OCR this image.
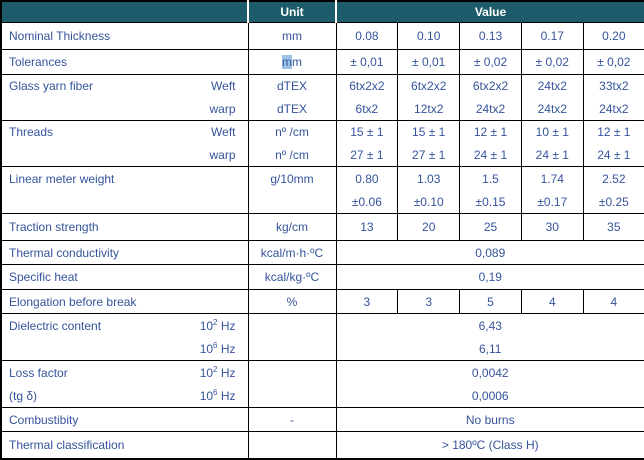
	Unit	Value				
Nominal Thickness	mm	0.08	0.10	0.13	0.17	0.20
Tolerances	mm	± 0,01	± 0,01	± 0,02	± 0,02	± 0,02
Glass yarn fiber Weft	dTEX	6tx2x2	6tx2x2	6tx2x2	24tx2	33tx2

warp	dTEX	6tx2	12tx2	24tx2	24tx2	24tx2
Threads Weft	nº /cm	15 ± 1	15 ± 1	12 ± 1	10 ± 1	12 ± 1

warp	nº /cm	27 ± 1	27 ± 1	24 ± 1	24 ± 1	24 ± 1
Linear meter weight	g/10mm	0.80	1.03	1.5	1.74	2.52
		±0.06	±0.10	±0.15	±0.17	±0.25
Traction strength	kg/cm	13	20	25	30	35
Thermal conductivity	kcal/m·h·ºC	0,089				
Specific heat	kcal/kg·ºC	0,19				
Elongation before break	%	3	3	5	4	4
Dielectric content $10^2$ Hz		6,43				

$10^6$ Hz		6,11				
Loss factor $10^2$ Hz		0,0042				
(tg δ) $10^6$ Hz		0,0006				
Combustibity	-	No burns				
Thermal classification		> 180ºC (Class H)				
